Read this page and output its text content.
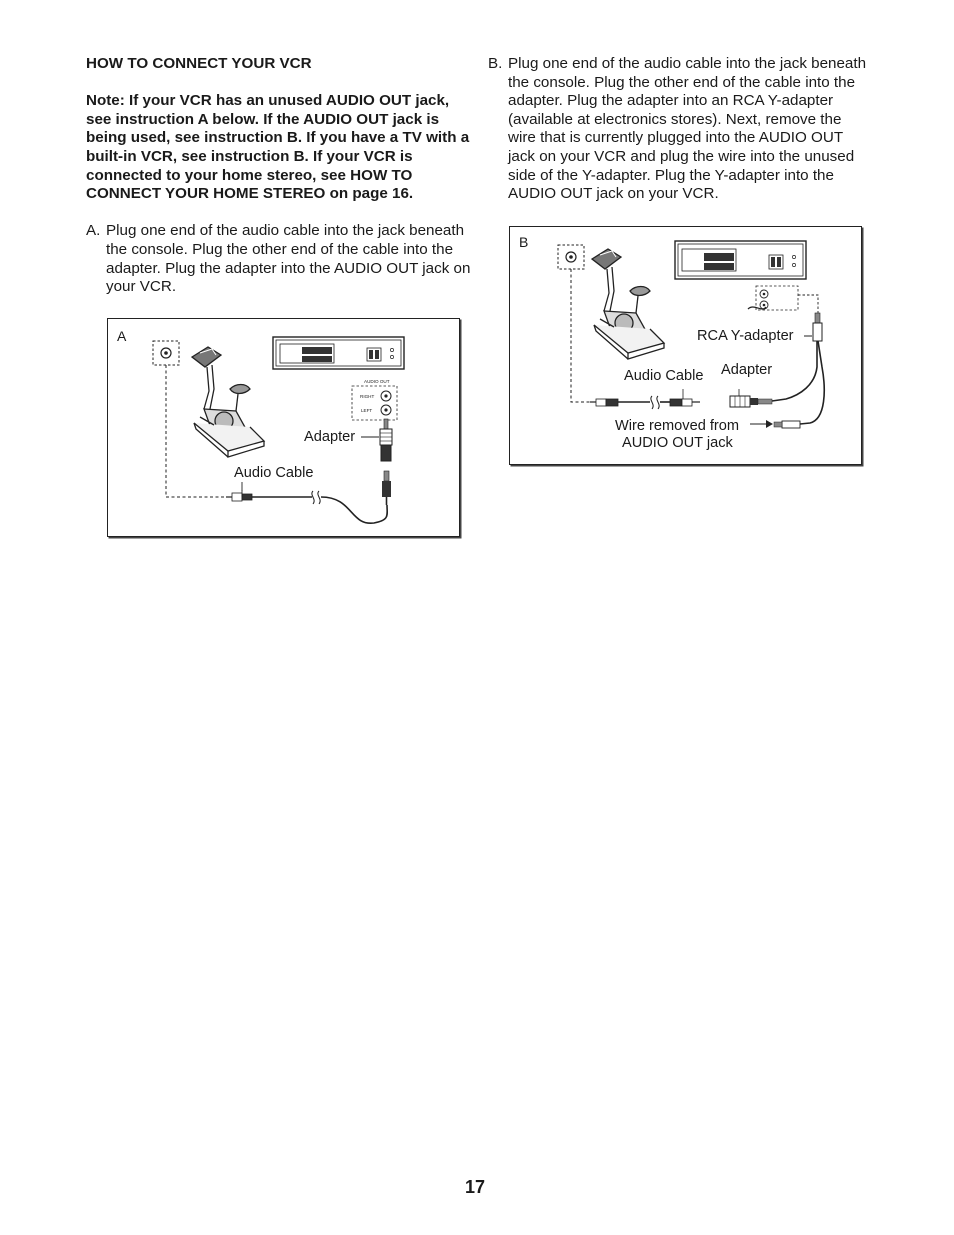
HOW TO CONNECT YOUR VCR

Note: If your VCR has an unused AUDIO OUT jack, see instruction A below. If the AUDIO OUT jack is being used, see instruction B. If you have a TV with a built-in VCR, see instruction B. If your VCR is connected to your home stereo, see HOW TO CONNECT YOUR HOME STEREO on page 16.

A. Plug one end of the audio cable into the jack beneath the console. Plug the other end of the cable into the adapter. Plug the adapter into the AUDIO OUT jack on your VCR.

B. Plug one end of the audio cable into the jack beneath the console. Plug the other end of the cable into the adapter. Plug the adapter into an RCA Y-adapter (available at electronics stores). Next, remove the wire that is currently plugged into the AUDIO OUT jack on your VCR and plug the wire into the unused side of the Y-adapter. Plug the Y-adapter into the AUDIO OUT jack on your VCR.

AUDIO OUT
RIGHT
LEFT
A
Adapter
Audio Cable
B
RCA Y-adapter
Audio Cable Adapter
Wire removed from
AUDIO OUT jack
17
